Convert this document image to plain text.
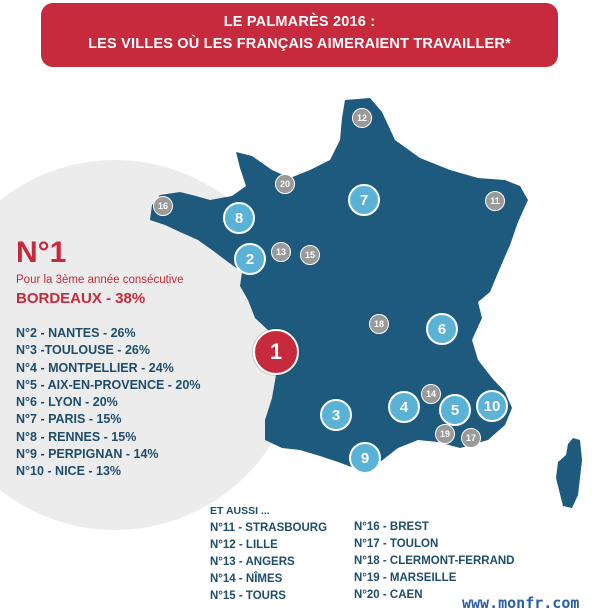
LE PALMARÈS 2016 :
LES VILLES OÙ LES FRANÇAIS AIMERAIENT TRAVAILLER*
1
2
3	4	5
6
7
8
9
10
11
12
13
14
15
16
17
18
19
20
N°1
Pour la 3ème année consécutive
BORDEAUX - 38%
N°2 - NANTES - 26%
N°3 -TOULOUSE - 26%
N°4 - MONTPELLIER - 24%
N°5 - AIX-EN-PROVENCE - 20%
N°6 - LYON - 20%
N°7 - PARIS - 15%
N°8 - RENNES - 15%
N°9 - PERPIGNAN - 14%
N°10 - NICE - 13%
ET AUSSI ...
N°11 - STRASBOURG
N°12 - LILLE
N°13 - ANGERS
N°14 - NÎMES
N°15 - TOURS
N°16 - BREST
N°17 - TOULON
N°18 - CLERMONT-FERRAND
N°19 - MARSEILLE
N°20 - CAEN	www.monfr.com
